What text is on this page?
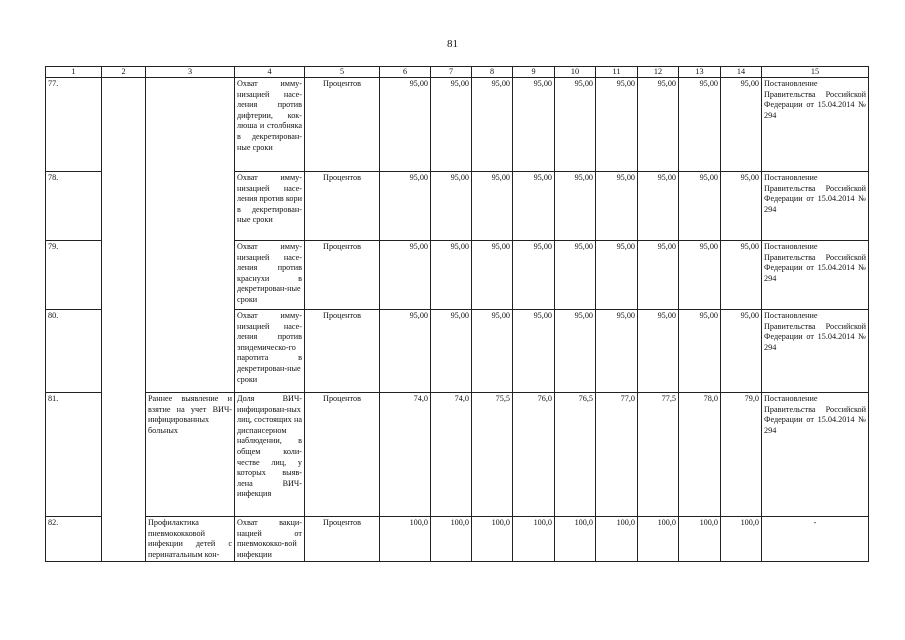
81
1	2	3	4	5	6	7	8	9	10	11	12	13	14	15
77.			Охват имму-низацией насе-ления против дифтерии, кок-люша и столбняка в декретирован-ные сроки	Процентов	95,00	95,00	95,00	95,00	95,00	95,00	95,00	95,00	95,00	Постановление Правительства Российской Федерации от 15.04.2014 № 294
78.			Охват имму-низацией насе-ления против кори в декретирован-ные сроки	Процентов	95,00	95,00	95,00	95,00	95,00	95,00	95,00	95,00	95,00	Постановление Правительства Российской Федерации от 15.04.2014 № 294
79.			Охват имму-низацией насе-ления против краснухи в декретирован-ные сроки	Процентов	95,00	95,00	95,00	95,00	95,00	95,00	95,00	95,00	95,00	Постановление Правительства Российской Федерации от 15.04.2014 № 294
80.			Охват имму-низацией насе-ления против эпидемическо-го паротита в декретирован-ные сроки	Процентов	95,00	95,00	95,00	95,00	95,00	95,00	95,00	95,00	95,00	Постановление Правительства Российской Федерации от 15.04.2014 № 294
81.		Раннее выявление и взятие на учет ВИЧ-инфицированных больных	Доля ВИЧ-инфицирован-ных лиц, состоящих на диспансерном наблюдении, в общем коли-честве лиц, у которых выяв-лена ВИЧ-инфекция	Процентов	74,0	74,0	75,5	76,0	76,5	77,0	77,5	78,0	79,0	Постановление Правительства Российской Федерации от 15.04.2014 № 294
82.		Профилактика пневмококковой инфекции детей с перинатальным кон-	Охват вакци-нацией от пневмококко-вой инфекции	Процентов	100,0	100,0	100,0	100,0	100,0	100,0	100,0	100,0	100,0	-
